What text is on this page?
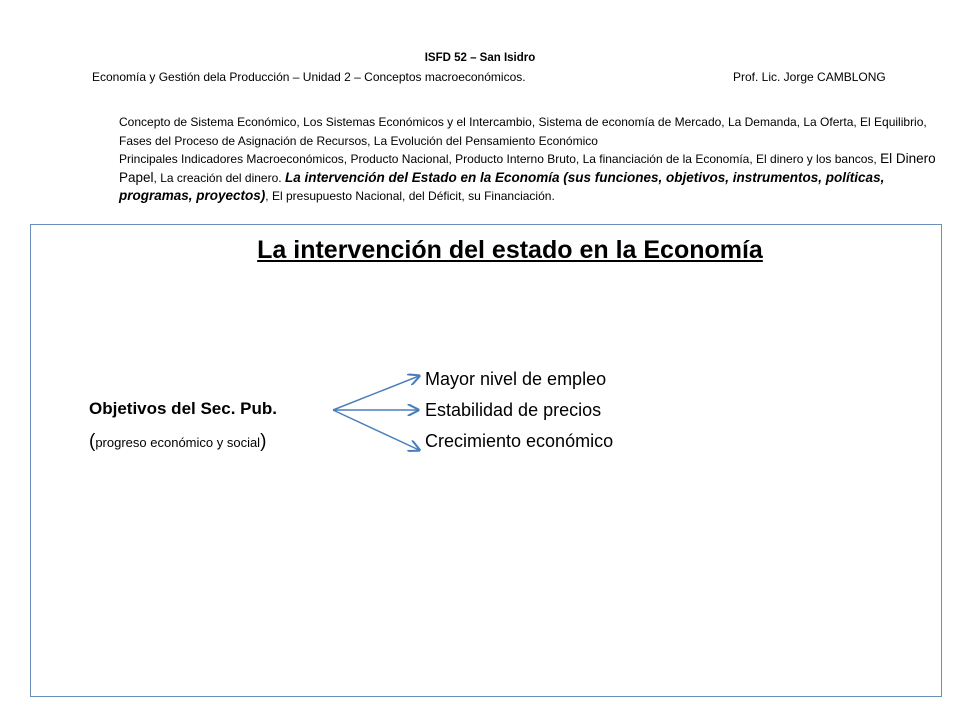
ISFD 52 – San Isidro
Economía y Gestión dela Producción – Unidad 2 – Conceptos macroeconómicos.	Prof. Lic. Jorge CAMBLONG
Concepto de Sistema Económico, Los Sistemas Económicos y el Intercambio, Sistema de economía de Mercado, La Demanda, La Oferta, El Equilibrio, Fases del Proceso de Asignación de Recursos, La Evolución del Pensamiento Económico
Principales Indicadores Macroeconómicos, Producto Nacional, Producto Interno Bruto, La financiación de la Economía, El dinero y los bancos, El Dinero Papel, La creación del dinero. La intervención del Estado en la Economía (sus funciones, objetivos, instrumentos, políticas, programas, proyectos), El presupuesto Nacional, del Déficit, su Financiación.
La intervención del estado en la Economía
Objetivos del Sec. Pub.
(progreso económico y social)
Mayor nivel de empleo
Estabilidad de precios
Crecimiento económico
